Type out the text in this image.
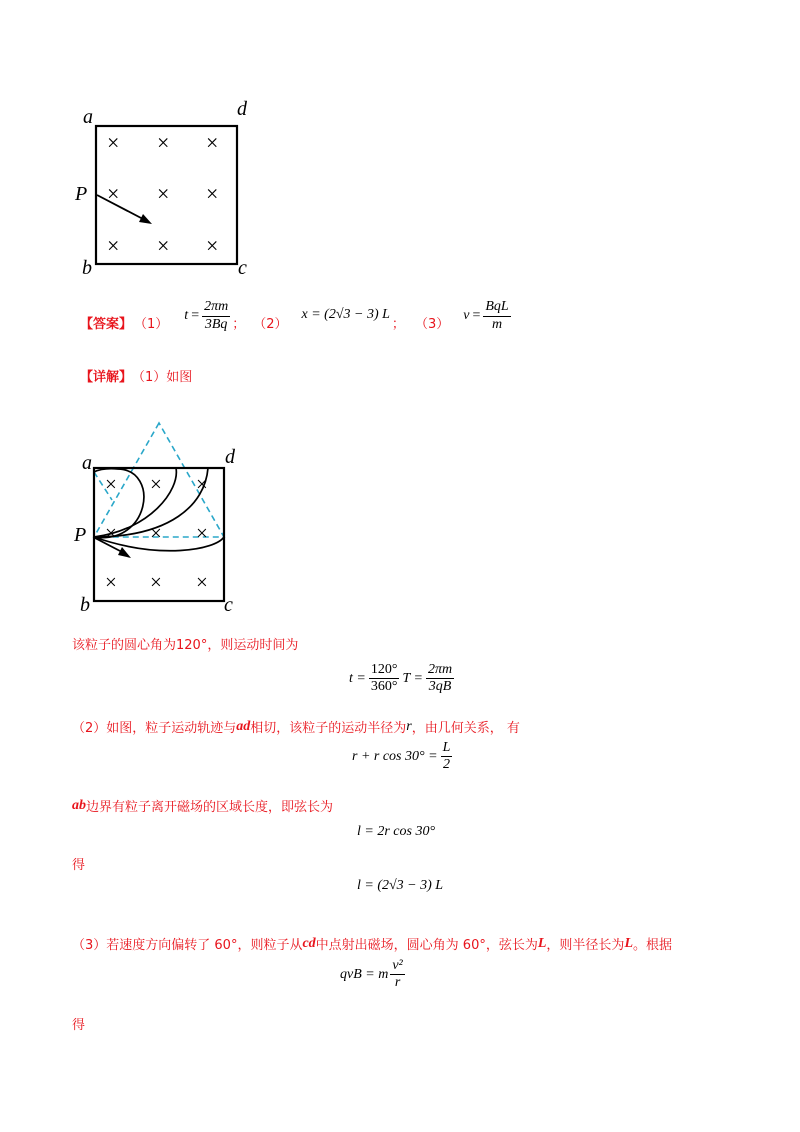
a	d
P
b	c
× × ×
× × ×
× × ×
【答案】 （1）
$t = \frac{2\pi m}{3Bq}$ ； （2）
x = (2√3 − 3) L
； （3）
$v = \frac{\text{BqL}}{m}$
【详解】 （1）如图
a	d
P
b	c
× × ×
× × ×
× × ×
该粒子的圆心角为120°，则运动时间为
$t = \frac{120^\circ}{360^\circ}$ $T = \frac{2\pi m}{3qB}$
（2）如图，粒子运动轨迹与 ad 相切，该粒子的运动半径为 r ，由几何关系， 有
r + r $\cos 30^\circ = \frac{L}{2}$
ab 边界有粒子离开磁场的区域长度，即弦长为
l = 2r cos 30°
得
l = (2√3 − 3) L
（3）若速度方向偏转了 60°，则粒子从 cd 中点射出磁场，圆心角为 60°，弦长为 L ，则半径长为 L 。根据
qvB = m $\frac{\text{v²}}{r}$
得
